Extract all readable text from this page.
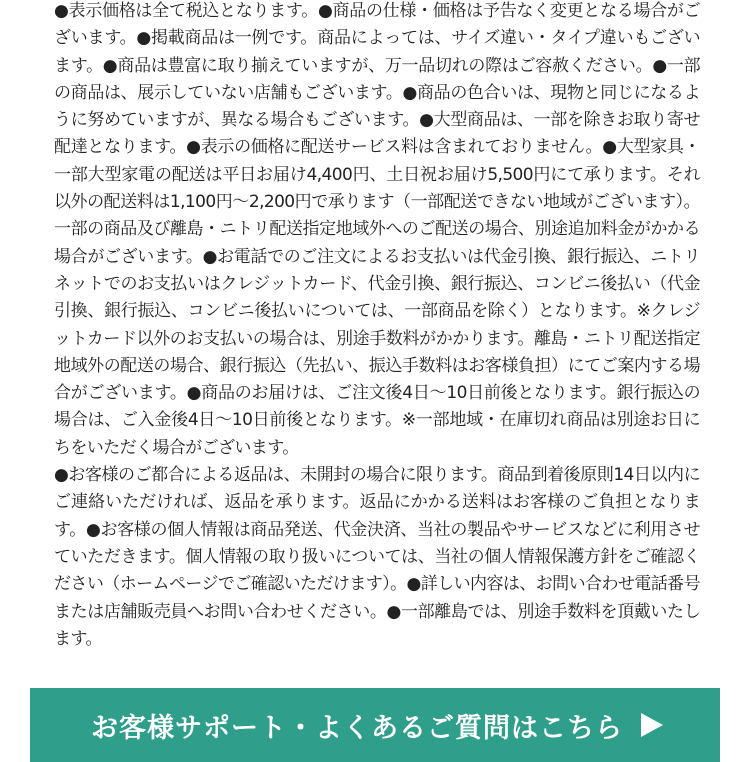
●表示価格は全て税込となります。●商品の仕様・価格は予告なく変更となる場合がございます。●掲載商品は一例です。商品によっては、サイズ違い・タイプ違いもございます。●商品は豊富に取り揃えていますが、万一品切れの際はご容赦ください。●一部の商品は、展示していない店舗もございます。●商品の色合いは、現物と同じになるように努めていますが、異なる場合もございます。●大型商品は、一部を除きお取り寄せ配達となります。●表示の価格に配送サービス料は含まれておりません。●大型家具・一部大型家電の配送は平日お届け4,400円、土日祝お届け5,500円にて承ります。それ以外の配送料は1,100円〜2,200円で承ります（一部配送できない地域がございます）。一部の商品及び離島・ニトリ配送指定地域外へのご配送の場合、別途追加料金がかかる場合がございます。●お電話でのご注文によるお支払いは代金引換、銀行振込、ニトリネットでのお支払いはクレジットカード、代金引換、銀行振込、コンビニ後払い（代金引換、銀行振込、コンビニ後払いについては、一部商品を除く）となります。※クレジットカード以外のお支払いの場合は、別途手数料がかかります。離島・ニトリ配送指定地域外の配送の場合、銀行振込（先払い、振込手数料はお客様負担）にてご案内する場合がございます。●商品のお届けは、ご注文後4日〜10日前後となります。銀行振込の場合は、ご入金後4日〜10日前後となります。※一部地域・在庫切れ商品は別途お日にちをいただく場合がございます。

●お客様のご都合による返品は、未開封の場合に限ります。商品到着後原則14日以内にご連絡いただければ、返品を承ります。返品にかかる送料はお客様のご負担となります。●お客様の個人情報は商品発送、代金決済、当社の製品やサービスなどに利用させていただきます。個人情報の取り扱いについては、当社の個人情報保護方針をご確認ください（ホームページでご確認いただけます）。●詳しい内容は、お問い合わせ電話番号または店舗販売員へお問い合わせください。●一部離島では、別途手数料を頂戴いたします。

お客様サポート・よくあるご質問はこちら
